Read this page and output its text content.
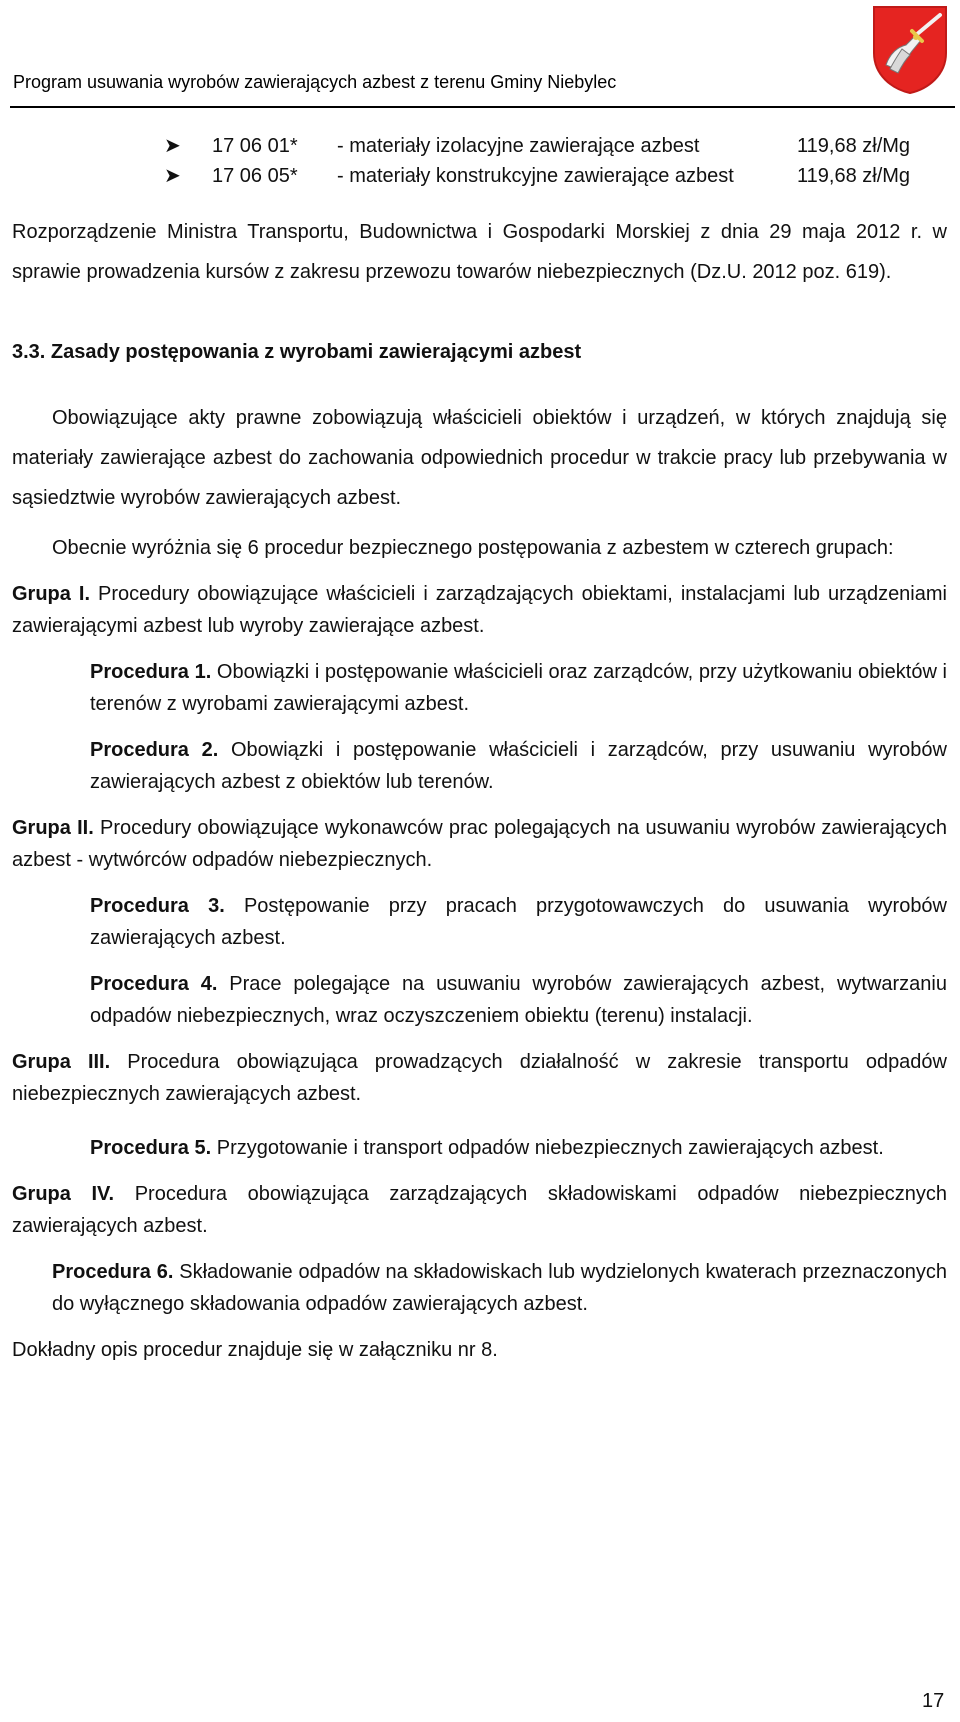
Program usuwania wyrobów zawierających azbest z terenu Gminy Niebylec
➤ 17 06 01* - materiały izolacyjne zawierające azbest	119,68 zł/Mg
➤ 17 06 05* - materiały konstrukcyjne zawierające azbest	119,68 zł/Mg

Rozporządzenie Ministra Transportu, Budownictwa i Gospodarki Morskiej z dnia 29 maja 2012 r. w sprawie prowadzenia kursów z zakresu przewozu towarów niebezpiecznych (Dz.U. 2012 poz. 619).

3.3. Zasady postępowania z wyrobami zawierającymi azbest

Obowiązujące akty prawne zobowiązują właścicieli obiektów i urządzeń, w których znajdują się materiały zawierające azbest do zachowania odpowiednich procedur w trakcie pracy lub przebywania w sąsiedztwie wyrobów zawierających azbest.

Obecnie wyróżnia się 6 procedur bezpiecznego postępowania z azbestem w czterech grupach:

Grupa I. Procedury obowiązujące właścicieli i zarządzających obiektami, instalacjami lub urządzeniami zawierającymi azbest lub wyroby zawierające azbest.

Procedura 1. Obowiązki i postępowanie właścicieli oraz zarządców, przy użytkowaniu obiektów i terenów z wyrobami zawierającymi azbest.

Procedura 2. Obowiązki i postępowanie właścicieli i zarządców, przy usuwaniu wyrobów zawierających azbest z obiektów lub terenów.

Grupa II. Procedury obowiązujące wykonawców prac polegających na usuwaniu wyrobów zawierających azbest - wytwórców odpadów niebezpiecznych.

Procedura 3. Postępowanie przy pracach przygotowawczych do usuwania wyrobów zawierających azbest.

Procedura 4. Prace polegające na usuwaniu wyrobów zawierających azbest, wytwarzaniu odpadów niebezpiecznych, wraz oczyszczeniem obiektu (terenu) instalacji.

Grupa III. Procedura obowiązująca prowadzących działalność w zakresie transportu odpadów niebezpiecznych zawierających azbest.

Procedura 5. Przygotowanie i transport odpadów niebezpiecznych zawierających azbest.

Grupa IV. Procedura obowiązująca zarządzających składowiskami odpadów niebezpiecznych zawierających azbest.

Procedura 6. Składowanie odpadów na składowiskach lub wydzielonych kwaterach przeznaczonych do wyłącznego składowania odpadów zawierających azbest.

Dokładny opis procedur znajduje się w załączniku nr 8.

17
